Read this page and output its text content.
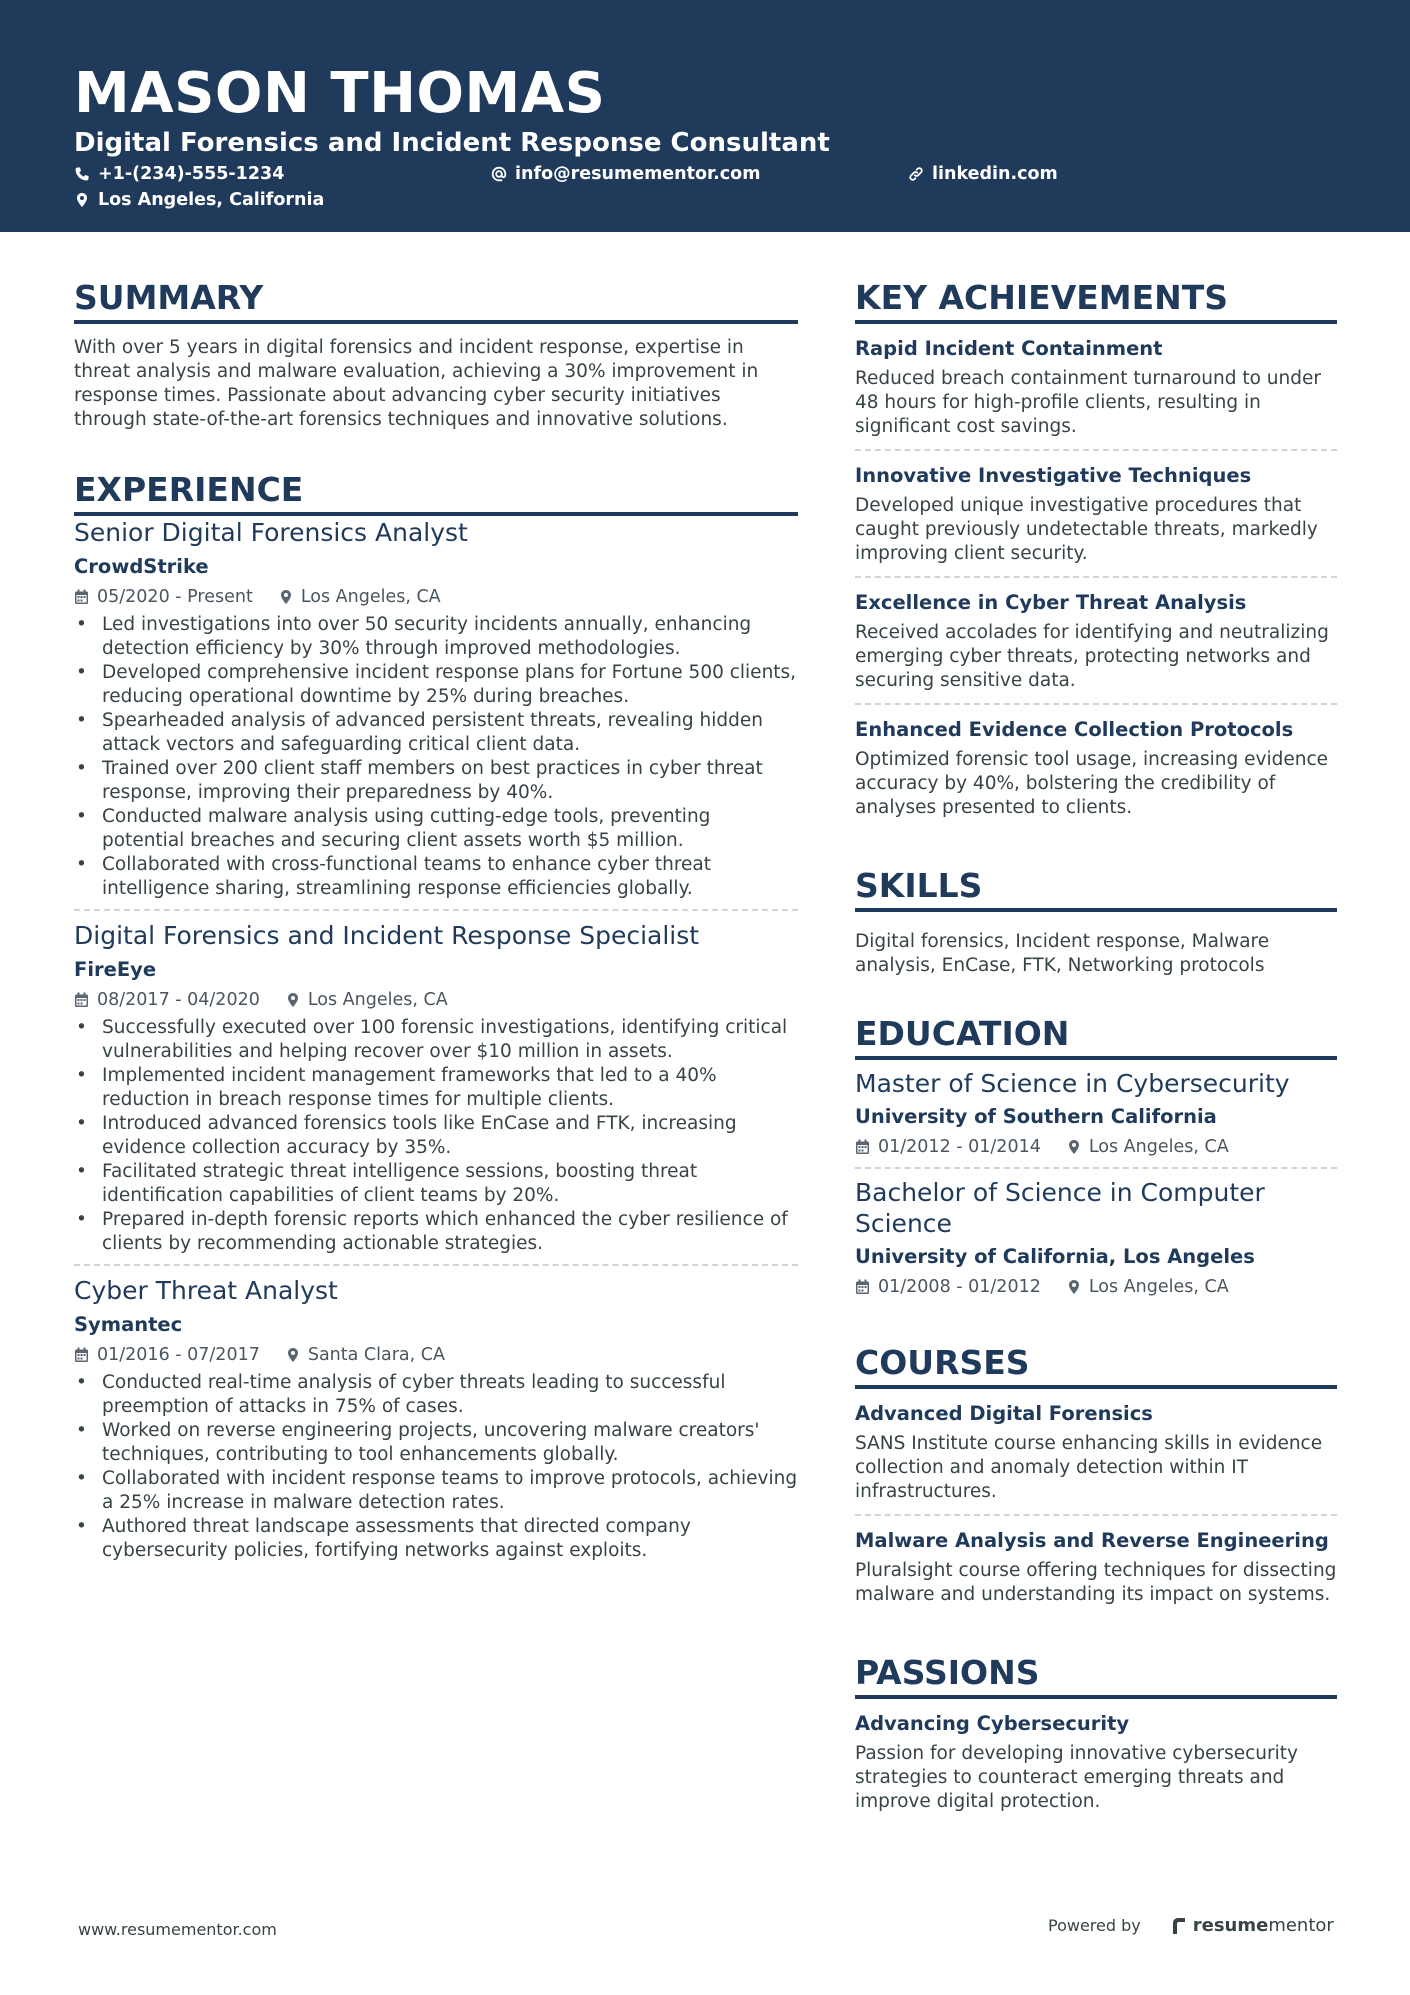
MASON THOMAS
Digital Forensics and Incident Response Consultant
+1-(234)-555-1234	info@resumementor.com	linkedin.com
Los Angeles, California
SUMMARY
With over 5 years in digital forensics and incident response, expertise in threat analysis and malware evaluation, achieving a 30% improvement in response times. Passionate about advancing cyber security initiatives through state-of-the-art forensics techniques and innovative solutions.
EXPERIENCE
Senior Digital Forensics Analyst
CrowdStrike
05/2020 - Present	Los Angeles, CA
• Led investigations into over 50 security incidents annually, enhancing detection efficiency by 30% through improved methodologies.
• Developed comprehensive incident response plans for Fortune 500 clients, reducing operational downtime by 25% during breaches.
• Spearheaded analysis of advanced persistent threats, revealing hidden attack vectors and safeguarding critical client data.
• Trained over 200 client staff members on best practices in cyber threat response, improving their preparedness by 40%.
• Conducted malware analysis using cutting-edge tools, preventing potential breaches and securing client assets worth $5 million.
• Collaborated with cross-functional teams to enhance cyber threat intelligence sharing, streamlining response efficiencies globally.
Digital Forensics and Incident Response Specialist
FireEye
08/2017 - 04/2020	Los Angeles, CA
• Successfully executed over 100 forensic investigations, identifying critical vulnerabilities and helping recover over $10 million in assets.
• Implemented incident management frameworks that led to a 40% reduction in breach response times for multiple clients.
• Introduced advanced forensics tools like EnCase and FTK, increasing evidence collection accuracy by 35%.
• Facilitated strategic threat intelligence sessions, boosting threat identification capabilities of client teams by 20%.
• Prepared in-depth forensic reports which enhanced the cyber resilience of clients by recommending actionable strategies.
Cyber Threat Analyst
Symantec
01/2016 - 07/2017	Santa Clara, CA
• Conducted real-time analysis of cyber threats leading to successful preemption of attacks in 75% of cases.
• Worked on reverse engineering projects, uncovering malware creators' techniques, contributing to tool enhancements globally.
• Collaborated with incident response teams to improve protocols, achieving a 25% increase in malware detection rates.
• Authored threat landscape assessments that directed company cybersecurity policies, fortifying networks against exploits.
KEY ACHIEVEMENTS
Rapid Incident Containment
Reduced breach containment turnaround to under 48 hours for high-profile clients, resulting in significant cost savings.
Innovative Investigative Techniques
Developed unique investigative procedures that caught previously undetectable threats, markedly improving client security.
Excellence in Cyber Threat Analysis
Received accolades for identifying and neutralizing emerging cyber threats, protecting networks and securing sensitive data.
Enhanced Evidence Collection Protocols
Optimized forensic tool usage, increasing evidence accuracy by 40%, bolstering the credibility of analyses presented to clients.
SKILLS
Digital forensics, Incident response, Malware analysis, EnCase, FTK, Networking protocols
EDUCATION
Master of Science in Cybersecurity
University of Southern California
01/2012 - 01/2014	Los Angeles, CA
Bachelor of Science in Computer Science
University of California, Los Angeles
01/2008 - 01/2012	Los Angeles, CA
COURSES
Advanced Digital Forensics
SANS Institute course enhancing skills in evidence collection and anomaly detection within IT infrastructures.
Malware Analysis and Reverse Engineering
Pluralsight course offering techniques for dissecting malware and understanding its impact on systems.
PASSIONS
Advancing Cybersecurity
Passion for developing innovative cybersecurity strategies to counteract emerging threats and improve digital protection.
www.resumementor.com	Powered by	resume mentor
